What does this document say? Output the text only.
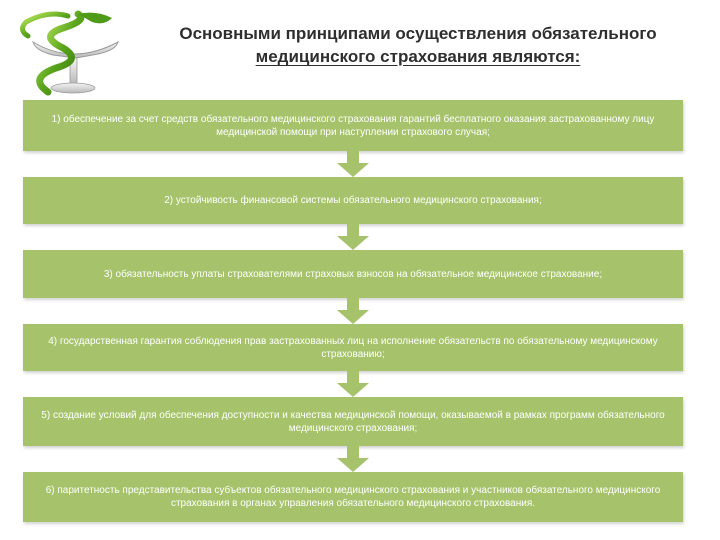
Основными принципами осуществления обязательного
медицинского страхования являются:
1) обеспечение за счет средств обязательного медицинского страхования гарантий бесплатного оказания застрахованному лицу медицинской помощи при наступлении страхового случая;
2) устойчивость финансовой системы обязательного медицинского страхования;
3) обязательность уплаты страхователями страховых взносов на обязательное медицинское страхование;
4) государственная гарантия соблюдения прав застрахованных лиц на исполнение обязательств по обязательному медицинскому страхованию;
5) создание условий для обеспечения доступности и качества медицинской помощи, оказываемой в рамках программ обязательного медицинского страхования;
6) паритетность представительства субъектов обязательного медицинского страхования и участников обязательного медицинского страхования в органах управления обязательного медицинского страхования.
